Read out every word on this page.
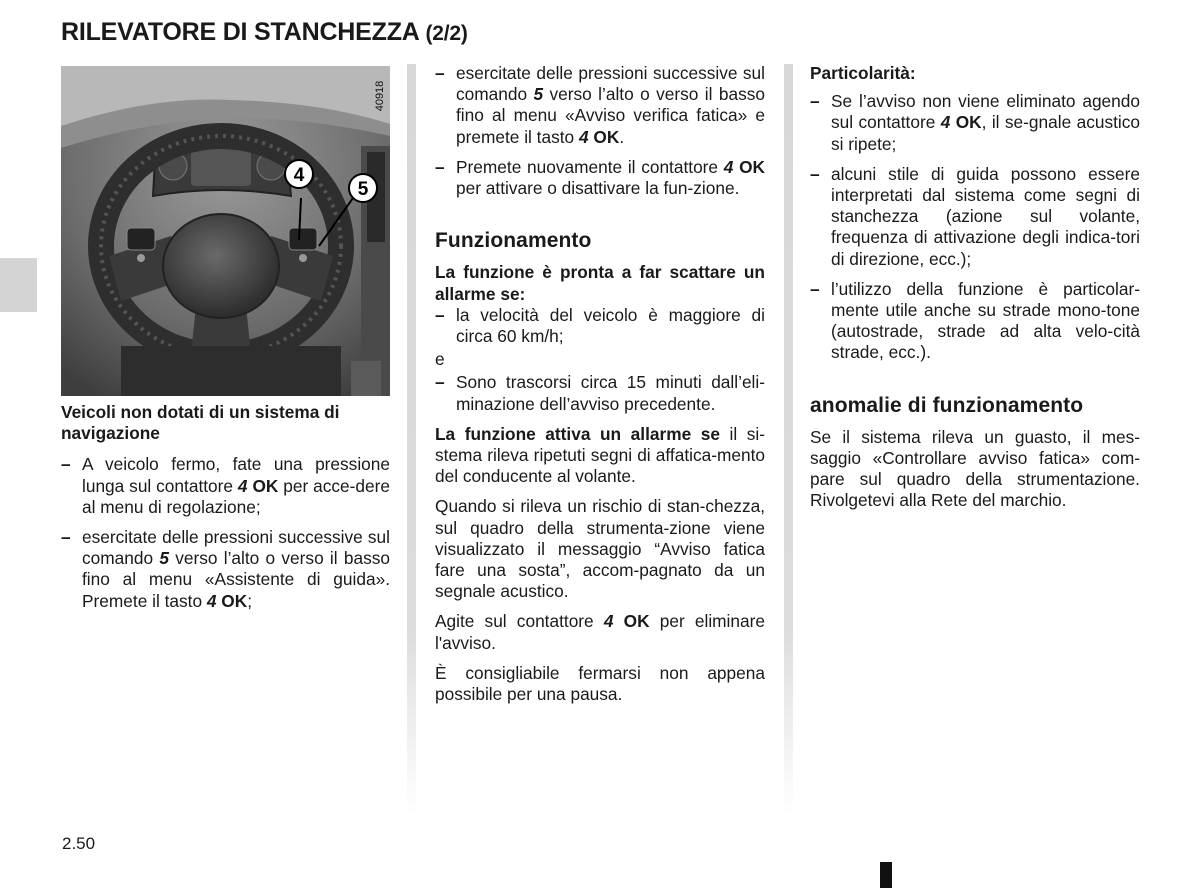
RILEVATORE DI STANCHEZZA (2/2)
4
5
40918

Veicoli non dotati di un sistema di navigazione

– A veicolo fermo, fate una pressione lunga sul contattore 4 OK per acce-dere al menu di regolazione;
– esercitate delle pressioni successive sul comando 5 verso l’alto o verso il basso fino al menu «Assistente di guida». Premete il tasto 4 OK;
– esercitate delle pressioni successive sul comando 5 verso l’alto o verso il basso fino al menu «Avviso verifica fatica» e premete il tasto 4 OK.
– Premete nuovamente il contattore 4 OK per attivare o disattivare la fun-zione.
Funzionamento

La funzione è pronta a far scattare un allarme se:

– la velocità del veicolo è maggiore di circa 60 km/h;

e

– Sono trascorsi circa 15 minuti dall’eli-minazione dell’avviso precedente.

La funzione attiva un allarme se il si-stema rileva ripetuti segni di affatica-mento del conducente al volante.

Quando si rileva un rischio di stan-chezza, sul quadro della strumenta-zione viene visualizzato il messaggio “Avviso fatica fare una sosta”, accom-pagnato da un segnale acustico.

Agite sul contattore 4 OK per eliminare l'avviso.

È consigliabile fermarsi non appena possibile per una pausa.

Particolarità:

– Se l’avviso non viene eliminato agendo sul contattore 4 OK, il se-gnale acustico si ripete;
– alcuni stile di guida possono essere interpretati dal sistema come segni di stanchezza (azione sul volante, frequenza di attivazione degli indica-tori di direzione, ecc.);
– l’utilizzo della funzione è particolar-mente utile anche su strade mono-tone (autostrade, strade ad alta velo-cità strade, ecc.).
anomalie di funzionamento

Se il sistema rileva un guasto, il mes-saggio «Controllare avviso fatica» com-pare sul quadro della strumentazione. Rivolgetevi alla Rete del marchio.

2.50
